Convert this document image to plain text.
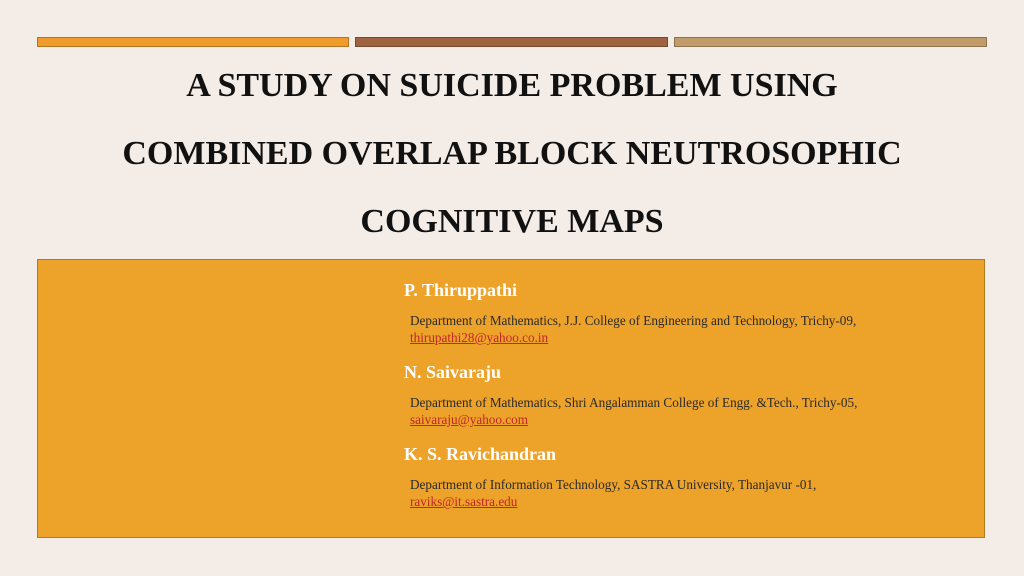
A STUDY ON SUICIDE PROBLEM USING
COMBINED OVERLAP BLOCK NEUTROSOPHIC
COGNITIVE MAPS

P. Thiruppathi

Department of Mathematics, J.J. College of Engineering and Technology, Trichy-09,

thirupathi28@yahoo.co.in

N. Saivaraju

Department of Mathematics, Shri Angalamman College of Engg. &Tech., Trichy-05,

saivaraju@yahoo.com

K. S. Ravichandran

Department of Information Technology, SASTRA University, Thanjavur -01,

raviks@it.sastra.edu
